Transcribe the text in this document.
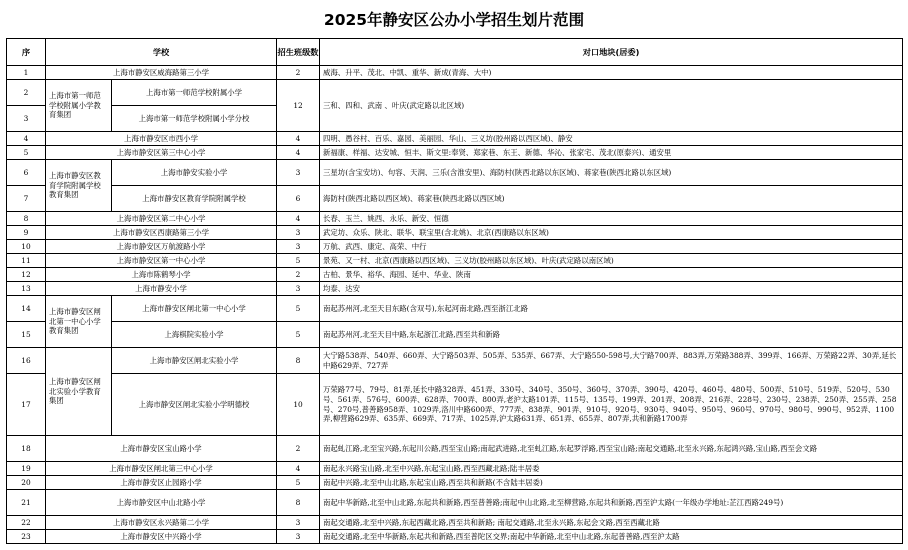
2025年静安区公办小学招生划片范围
序	学校		招生班级数	对口地块(居委)
1	上海市静安区威海路第三小学		2	威海、升平、茂北、中凯、重华、新成(青海、大中)
2	上海市第一师范学校附属小学教育集团	上海市第一师范学校附属小学	12	三和、四和、武南 、叶庆(武定路以北区域)
3		上海市第一师范学校附属小学分校		
4	上海市静安区市西小学		4	四明、愚谷村、百乐、嘉园、美丽园、华山、三义坊(胶州路以西区域)、静安
5	上海市静安区第三中心小学		4	新福康、样福、达安城、恒丰、斯文里:奉贤、郑家巷、东王、新德、华沁、张家宅、茂北(原泰兴)、通安里
6	上海市静安区教育学院附属学校教育集团	上海市静安实验小学	3	三星坊(含宝安坊)、句容、天润、三乐(含淮安里)、海防村(陕西北路以东区域)、蒋家巷(陕西北路以东区域)
7		上海市静安区教育学院附属学校	6	海防村(陕西北路以西区域)、蒋家巷(陕西北路以西区域)
8	上海市静安区第二中心小学		4	长春、玉兰、姚西、永乐、新安、恒德
9	上海市静安区西康路第三小学		3	武定坊、众乐、陕北、联华、联宝里(含北姚)、北京(西康路以东区域)
10	上海市静安区万航渡路小学		3	万航、武西、康定、高荣、中行
11	上海市静安区第一中心小学		5	景苑、又一村、北京(西康路以西区域)、三义坊(胶州路以东区域)、叶庆(武定路以南区域)
12	上海市陈鹤琴小学		2	古柏、景华、裕华、海园、延中、华业、陕南
13	上海市静安小学		3	均泰、达安
14	上海市静安区闸北第一中心小学教育集团	上海市静安区闸北第一中心小学	5	南起苏州河,北至天目东路(含双号),东起河南北路,西至浙江北路
15		上海棋院实验小学	5	南起苏州河,北至天目中路,东起浙江北路,西至共和新路
16	上海市静安区闸北实验小学教育集团	上海市静安区闸北实验小学	8	大宁路538弄、540弄、660弄、大宁路503弄、505弄、535弄、667弄、大宁路550-598号,大宁路700弄、883弄,万荣路388弄、399弄、166弄、万荣路22弄、30弄,延长中路629弄、727弄
17		上海市静安区闸北实验小学明德校	10	万荣路77号、79号、81弄,延长中路328弄、451弄、330号、340号、350号、360号、370弄、390号、420号、460号、480号、500弄、510号、519弄、520号、530号、561弄、576号、600弄、628弄、700弄、800弄,老沪太路101弄、115号、135号、199弄、201弄、208弄、216弄、228号、230号、238弄、250弄、255弄、258号、270号,普善路958弄、1029弄,洛川中路600弄、777弄、838弄、901弄、910号、920号、930号、940号、950号、960号、970号、980号、990号、952弄、1100弄,柳营路629弄、635弄、669弄、717弄、1025弄,沪太路631弄、651弄、655弄、807弄,共和新路1700弄
18	上海市静安区宝山路小学		2	南起虬江路,北至宝兴路,东起川公路,西至宝山路;南起武进路,北至虬江路,东起罗浮路,西至宝山路;南起交通路,北至永兴路,东起鸿兴路,宝山路,西至会文路
19	上海市静安区闸北第三中心小学		4	南起永兴路宝山路,北至中兴路,东起宝山路,西至西藏北路;陆丰居委
20	上海市静安区止园路小学		5	南起中兴路,北至中山北路,东起宝山路,西至共和新路(不含陆丰居委)
21	上海市静安区中山北路小学		8	南起中华新路,北至中山北路,东起共和新路,西至普善路;南起中山北路,北至柳营路,东起共和新路,西至沪太路(一年级办学地址:芷江西路249号)
22	上海市静安区永兴路第二小学		3	南起交通路,北至中兴路,东起西藏北路,西至共和新路; 南起交通路,北至永兴路,东起会文路,西至西藏北路
23	上海市静安区中兴路小学		3	南起交通路,北至中华新路,东起共和新路,西至普陀区交界;南起中华新路,北至中山北路,东起普善路,西至沪太路
